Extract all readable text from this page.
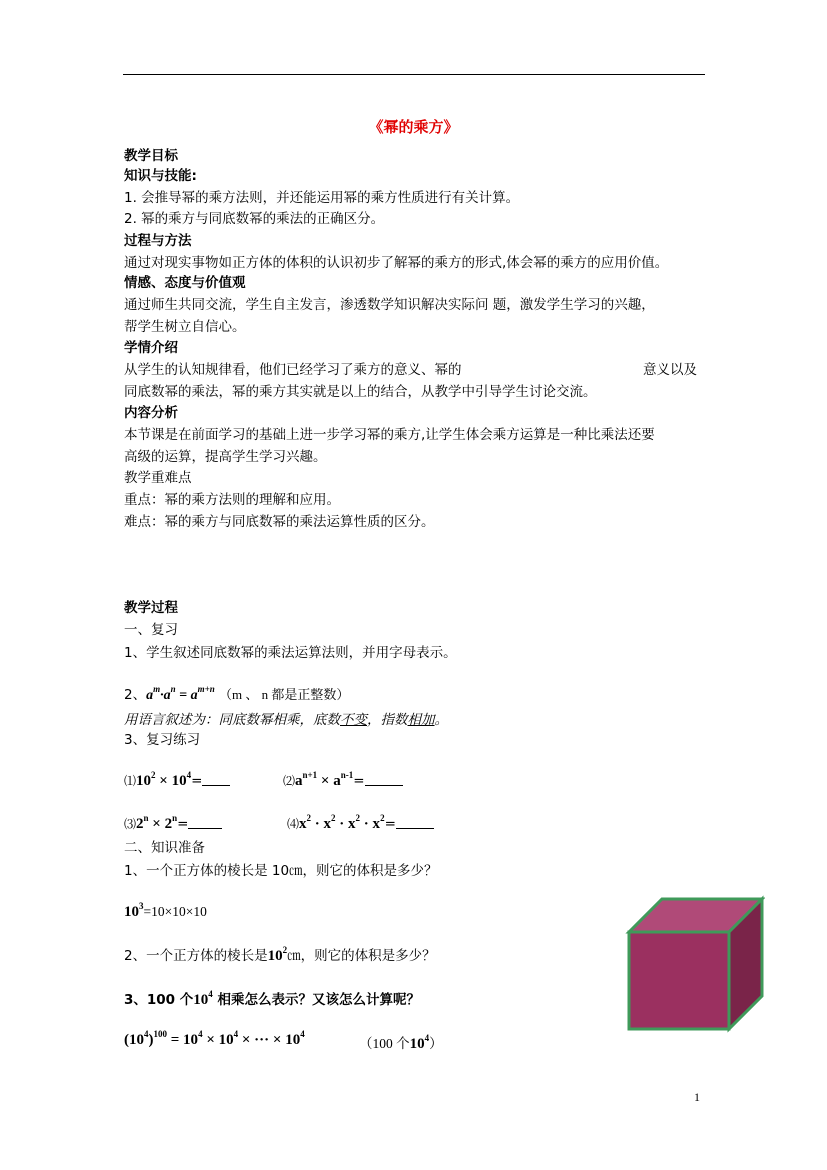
《幂的乘方》
教学目标
知识与技能:
1. 会推导幂的乘方法则，并还能运用幂的乘方性质进行有关计算。
2. 幂的乘方与同底数幂的乘法的正确区分。
过程与方法
通过对现实事物如正方体的体积的认识初步了解幂的乘方的形式,体会幂的乘方的应用价值。
情感、态度与价值观
通过师生共同交流，学生自主发言，渗透数学知识解决实际问 题，激发学生学习的兴趣，
帮学生树立自信心。
学情介绍
从学生的认知规律看，他们已经学习了乘方的意义、幂的	意义以及
同底数幂的乘法，幂的乘方其实就是以上的结合，从教学中引导学生讨论交流。
内容分析
本节课是在前面学习的基础上进一步学习幂的乘方,让学生体会乘方运算是一种比乘法还要
高级的运算，提高学生学习兴趣。
教学重难点
重点：幂的乘方法则的理解和应用。
难点：幂的乘方与同底数幂的乘法运算性质的区分。
教学过程
一、复习
1、学生叙述同底数幂的乘法运算法则，并用字母表示。
2、$a^m\cdot a^n = a^{m+n}$ （m 、 n 都是正整数）
用语言叙述为：同底数幂相乘，底数不变，指数相加。
3、复习练习
$⑴10^2 \times 10^4=$	$⑵a^{n+1} \times a^{n-1}=$
$⑶2^n \times 2^n=$	$⑷x^2 \cdot x^2 \cdot x^2 \cdot x^2=$
二、知识准备
1、一个正方体的棱长是 10㎝，则它的体积是多少？
$10^3=10\times 10\times 10$
2、一个正方体的棱长是$10^2㎝$，则它的体积是多少？
3、100 个$10^4$ 相乘怎么表示？又该怎么计算呢？
$(10^4)^{100} = 10^4 \times 10^4$ × ··· × $10^4$
（100 个$10^4$）
1
